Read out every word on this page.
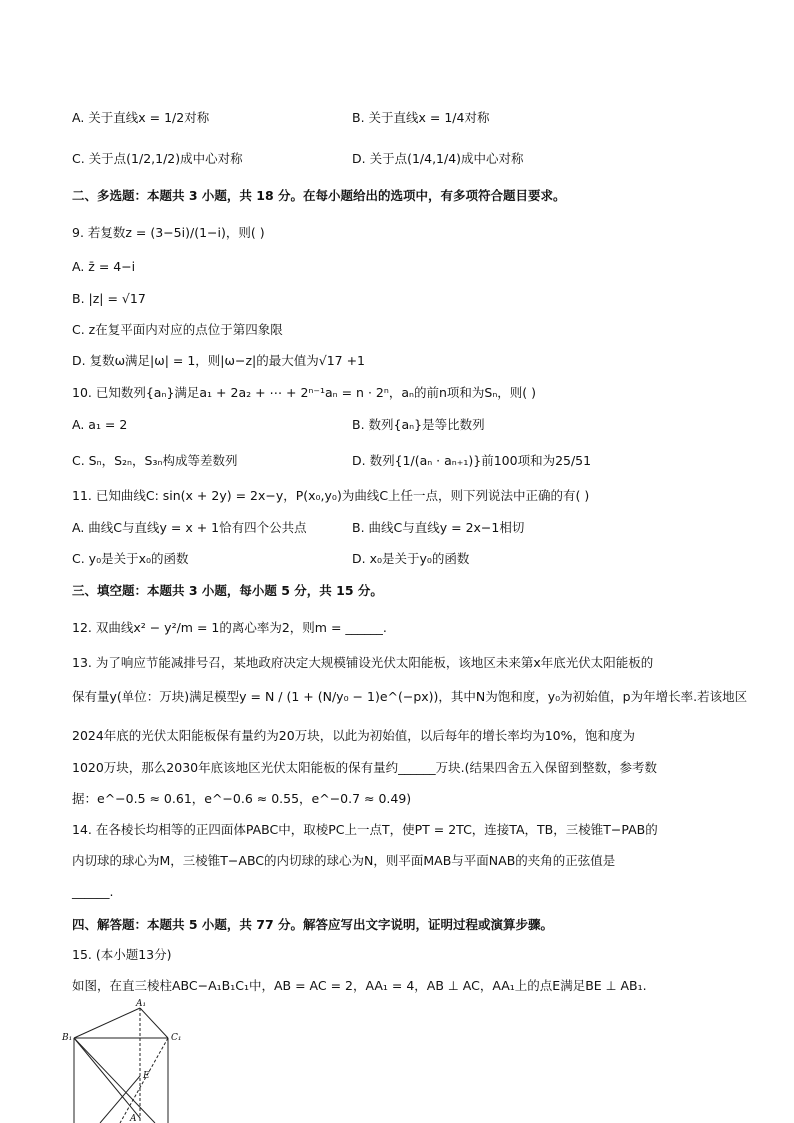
A. 关于直线x = 1/2对称	B. 关于直线x = 1/4对称
C. 关于点(1/2,1/2)成中心对称	D. 关于点(1/4,1/4)成中心对称
二、多选题：本题共 3 小题，共 18 分。在每小题给出的选项中，有多项符合题目要求。
9. 若复数z = (3−5i)/(1−i)，则( )
A. z̄ = 4−i
B. |z| = √17
C. z在复平面内对应的点位于第四象限
D. 复数ω满足|ω| = 1，则|ω−z|的最大值为√17 +1
10. 已知数列{aₙ}满足a₁ + 2a₂ + ⋯ + 2ⁿ⁻¹aₙ = n · 2ⁿ，aₙ的前n项和为Sₙ，则( )
A. a₁ = 2	B. 数列{aₙ}是等比数列
C. Sₙ，S₂ₙ，S₃ₙ构成等差数列	D. 数列{1/(aₙ · aₙ₊₁)}前100项和为25/51
11. 已知曲线C: sin(x + 2y) = 2x−y，P(x₀,y₀)为曲线C上任一点，则下列说法中正确的有( )
A. 曲线C与直线y = x + 1恰有四个公共点	B. 曲线C与直线y = 2x−1相切
C. y₀是关于x₀的函数	D. x₀是关于y₀的函数
三、填空题：本题共 3 小题，每小题 5 分，共 15 分。
12. 双曲线x² − y²/m = 1的离心率为2，则m = ______.
13. 为了响应节能减排号召，某地政府决定大规模铺设光伏太阳能板，该地区未来第x年底光伏太阳能板的
保有量y(单位：万块)满足模型y = N / (1 + (N/y₀ − 1)e^(−px))，其中N为饱和度，y₀为初始值，p为年增长率.若该地区
2024年底的光伏太阳能板保有量约为20万块，以此为初始值，以后每年的增长率均为10%，饱和度为
1020万块，那么2030年底该地区光伏太阳能板的保有量约______万块.(结果四舍五入保留到整数，参考数
据：e^−0.5 ≈ 0.61，e^−0.6 ≈ 0.55，e^−0.7 ≈ 0.49)
14. 在各棱长均相等的正四面体PABC中，取棱PC上一点T，使PT = 2TC，连接TA，TB，三棱锥T−PAB的
内切球的球心为M，三棱锥T−ABC的内切球的球心为N，则平面MAB与平面NAB的夹角的正弦值是
______.
四、解答题：本题共 5 小题，共 77 分。解答应写出文字说明，证明过程或演算步骤。
15. (本小题13分)
如图，在直三棱柱ABC−A₁B₁C₁中，AB = AC = 2，AA₁ = 4，AB ⊥ AC，AA₁上的点E满足BE ⊥ AB₁.
A₁
B₁	C₁
E
A
